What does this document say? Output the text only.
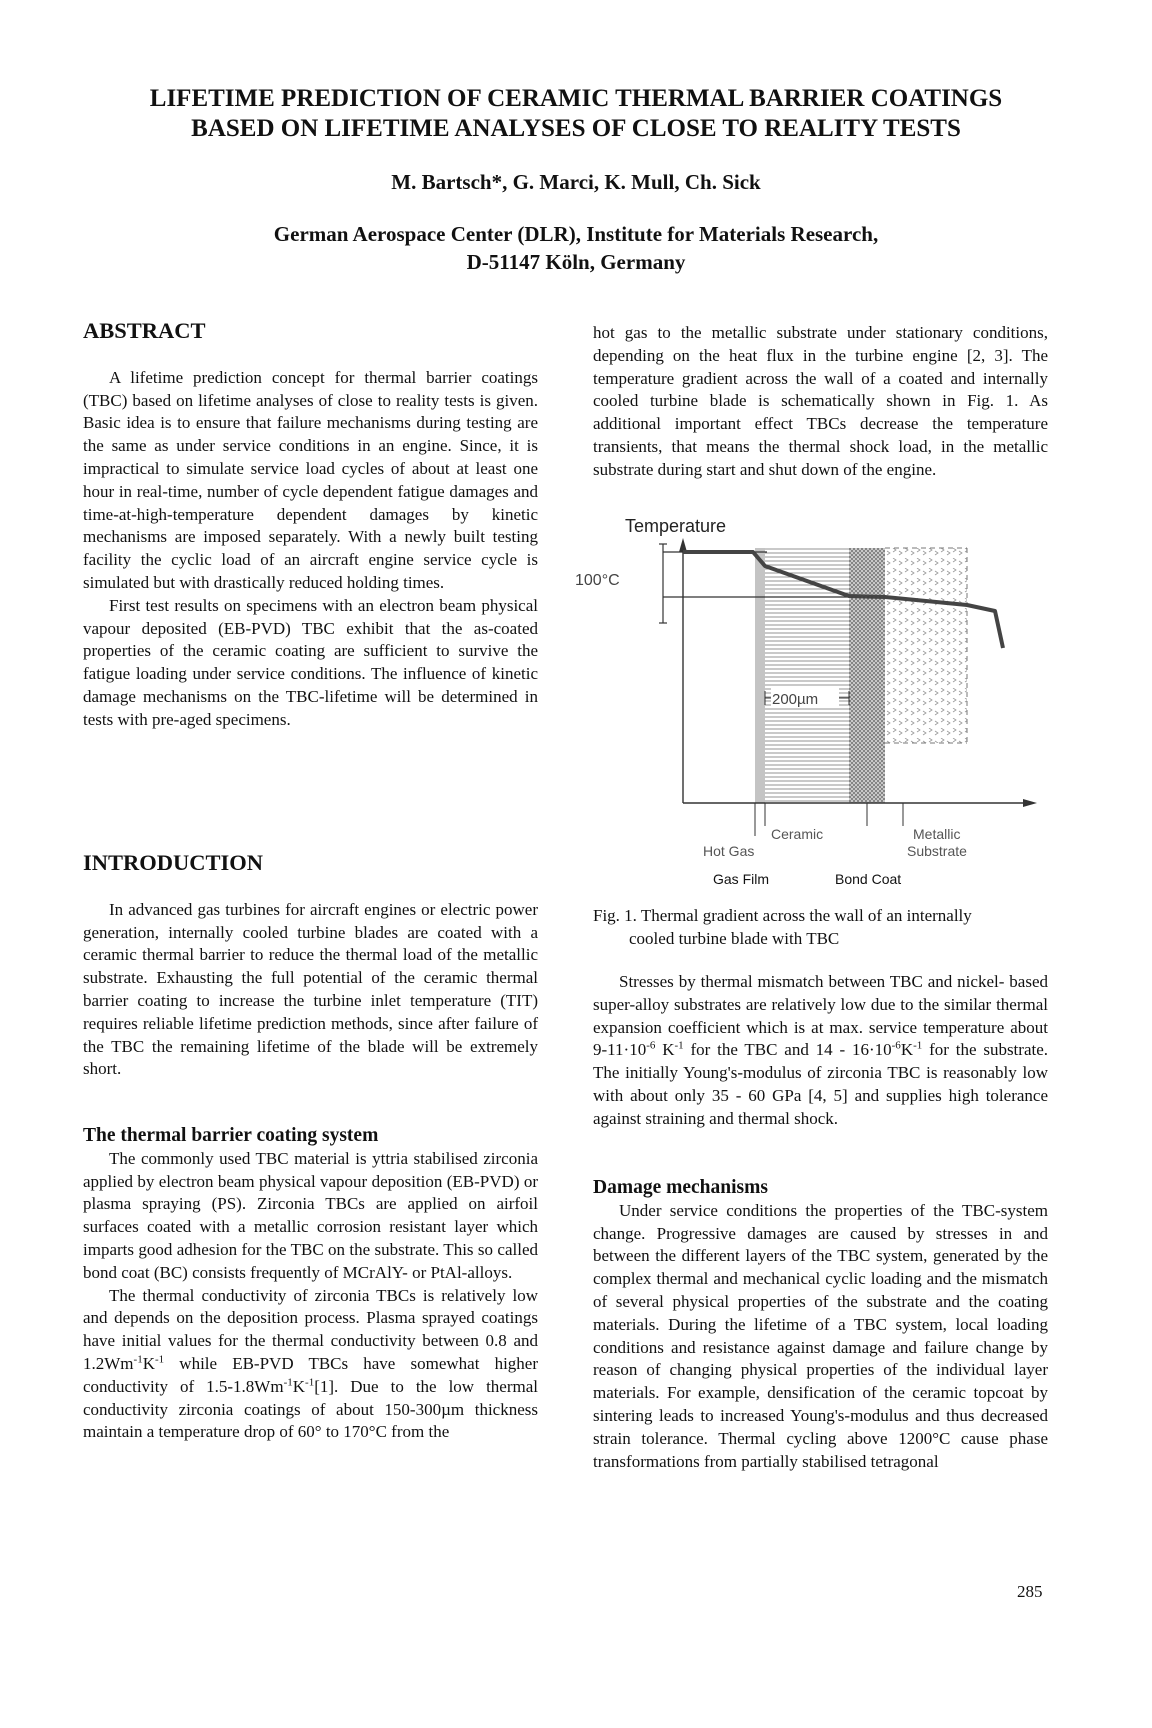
LIFETIME PREDICTION OF CERAMIC THERMAL BARRIER COATINGS
BASED ON LIFETIME ANALYSES OF CLOSE TO REALITY TESTS
M. Bartsch*, G. Marci, K. Mull, Ch. Sick
German Aerospace Center (DLR), Institute for Materials Research,
D-51147 Köln, Germany
ABSTRACT

A lifetime prediction concept for thermal barrier coatings (TBC) based on lifetime analyses of close to reality tests is given. Basic idea is to ensure that failure mechanisms during testing are the same as under service conditions in an engine. Since, it is impractical to simulate service load cycles of about at least one hour in real-time, number of cycle dependent fatigue damages and time-at-high-temperature dependent damages by kinetic mechanisms are imposed separately. With a newly built testing facility the cyclic load of an aircraft engine service cycle is simulated but with drastically reduced holding times.

First test results on specimens with an electron beam physical vapour deposited (EB-PVD) TBC exhibit that the as-coated properties of the ceramic coating are sufficient to survive the fatigue loading under service conditions. The influence of kinetic damage mechanisms on the TBC-lifetime will be determined in tests with pre-aged specimens.

INTRODUCTION

In advanced gas turbines for aircraft engines or electric power generation, internally cooled turbine blades are coated with a ceramic thermal barrier to reduce the thermal load of the metallic substrate. Exhausting the full potential of the ceramic thermal barrier coating to increase the turbine inlet temperature (TIT) requires reliable lifetime prediction methods, since after failure of the TBC the remaining lifetime of the blade will be extremely short.

The thermal barrier coating system

The commonly used TBC material is yttria stabilised zirconia applied by electron beam physical vapour deposition (EB-PVD) or plasma spraying (PS). Zirconia TBCs are applied on airfoil surfaces coated with a metallic corrosion resistant layer which imparts good adhesion for the TBC on the substrate. This so called bond coat (BC) consists frequently of MCrAlY- or PtAl-alloys.

The thermal conductivity of zirconia TBCs is relatively low and depends on the deposition process. Plasma sprayed coatings have initial values for the thermal conductivity between 0.8 and $1.2Wm^{-1}K^{-1}$ while EB-PVD TBCs have somewhat higher conductivity of $1.5-1.8Wm^{-1}K^{-1}[1]$. Due to the low thermal conductivity zirconia coatings of about 150-300µm thickness maintain a temperature drop of 60° to 170°C from the

hot gas to the metallic substrate under stationary conditions, depending on the heat flux in the turbine engine [2, 3]. The temperature gradient across the wall of a coated and internally cooled turbine blade is schematically shown in Fig. 1. As additional important effect TBCs decrease the temperature transients, that means the thermal shock load, in the metallic substrate during start and shut down of the engine.

Temperature
100°C
200µm
Hot Gas
Ceramic	Metallic
Substrate
Gas Film	Bond Coat
Fig. 1. Thermal gradient across the wall of an internally
cooled turbine blade with TBC

Stresses by thermal mismatch between TBC and nickel- based super-alloy substrates are relatively low due to the similar thermal expansion coefficient which is at max. service temperature about $9-11\cdot 10^{-6}$ $K^{-1}$ for the TBC and $14 - 16\cdot 10^{-6}K^{-1}$ for the substrate. The initially Young's-modulus of zirconia TBC is reasonably low with about only 35 - 60 GPa [4, 5] and supplies high tolerance against straining and thermal shock.

Damage mechanisms

Under service conditions the properties of the TBC-system change. Progressive damages are caused by stresses in and between the different layers of the TBC system, generated by the complex thermal and mechanical cyclic loading and the mismatch of several physical properties of the substrate and the coating materials. During the lifetime of a TBC system, local loading conditions and resistance against damage and failure change by reason of changing physical properties of the individual layer materials. For example, densification of the ceramic topcoat by sintering leads to increased Young's-modulus and thus decreased strain tolerance. Thermal cycling above 1200°C cause phase transformations from partially stabilised tetragonal

285
